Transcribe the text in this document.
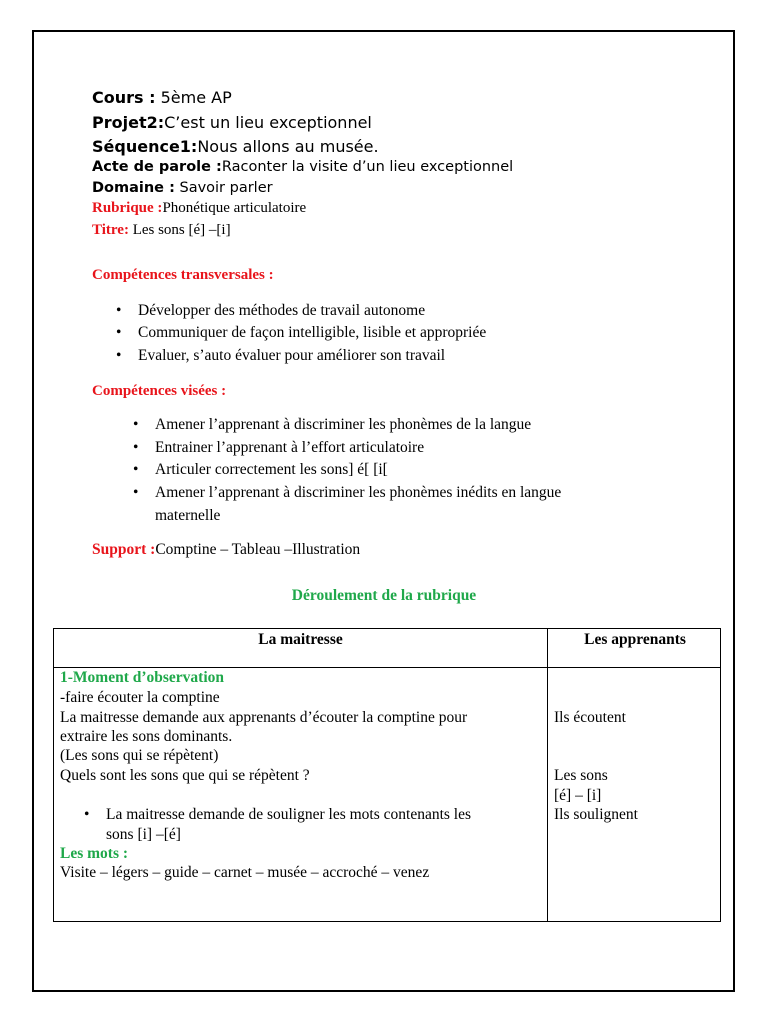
Cours : 5ème AP
Projet2:C’est un lieu exceptionnel
Séquence1:Nous allons au musée.
Acte de parole :Raconter la visite d’un lieu exceptionnel
Domaine : Savoir parler
Rubrique :Phonétique articulatoire
Titre: Les sons [é] –[i]
Compétences transversales :
• Développer des méthodes de travail autonome
• Communiquer de façon intelligible, lisible et appropriée
• Evaluer, s’auto évaluer pour améliorer son travail
Compétences visées :
• Amener l’apprenant à discriminer les phonèmes de la langue
• Entrainer l’apprenant à l’effort articulatoire
• Articuler correctement les sons] é[ [i[
• Amener l’apprenant à discriminer les phonèmes inédits en langue
maternelle
Support :Comptine – Tableau –Illustration
Déroulement de la rubrique
La maitresse	Les apprenants
1-Moment d’observation
-faire écouter la comptine
La maitresse demande aux apprenants d’écouter la comptine pour
extraire les sons dominants.
(Les sons qui se répètent)
Quels sont les sons que qui se répètent ?
• La maitresse demande de souligner les mots contenants les
sons [i] –[é]
Les mots :
Visite – légers – guide – carnet – musée – accroché – venez
Ils écoutent
Les sons
[é] – [i]
Ils soulignent
